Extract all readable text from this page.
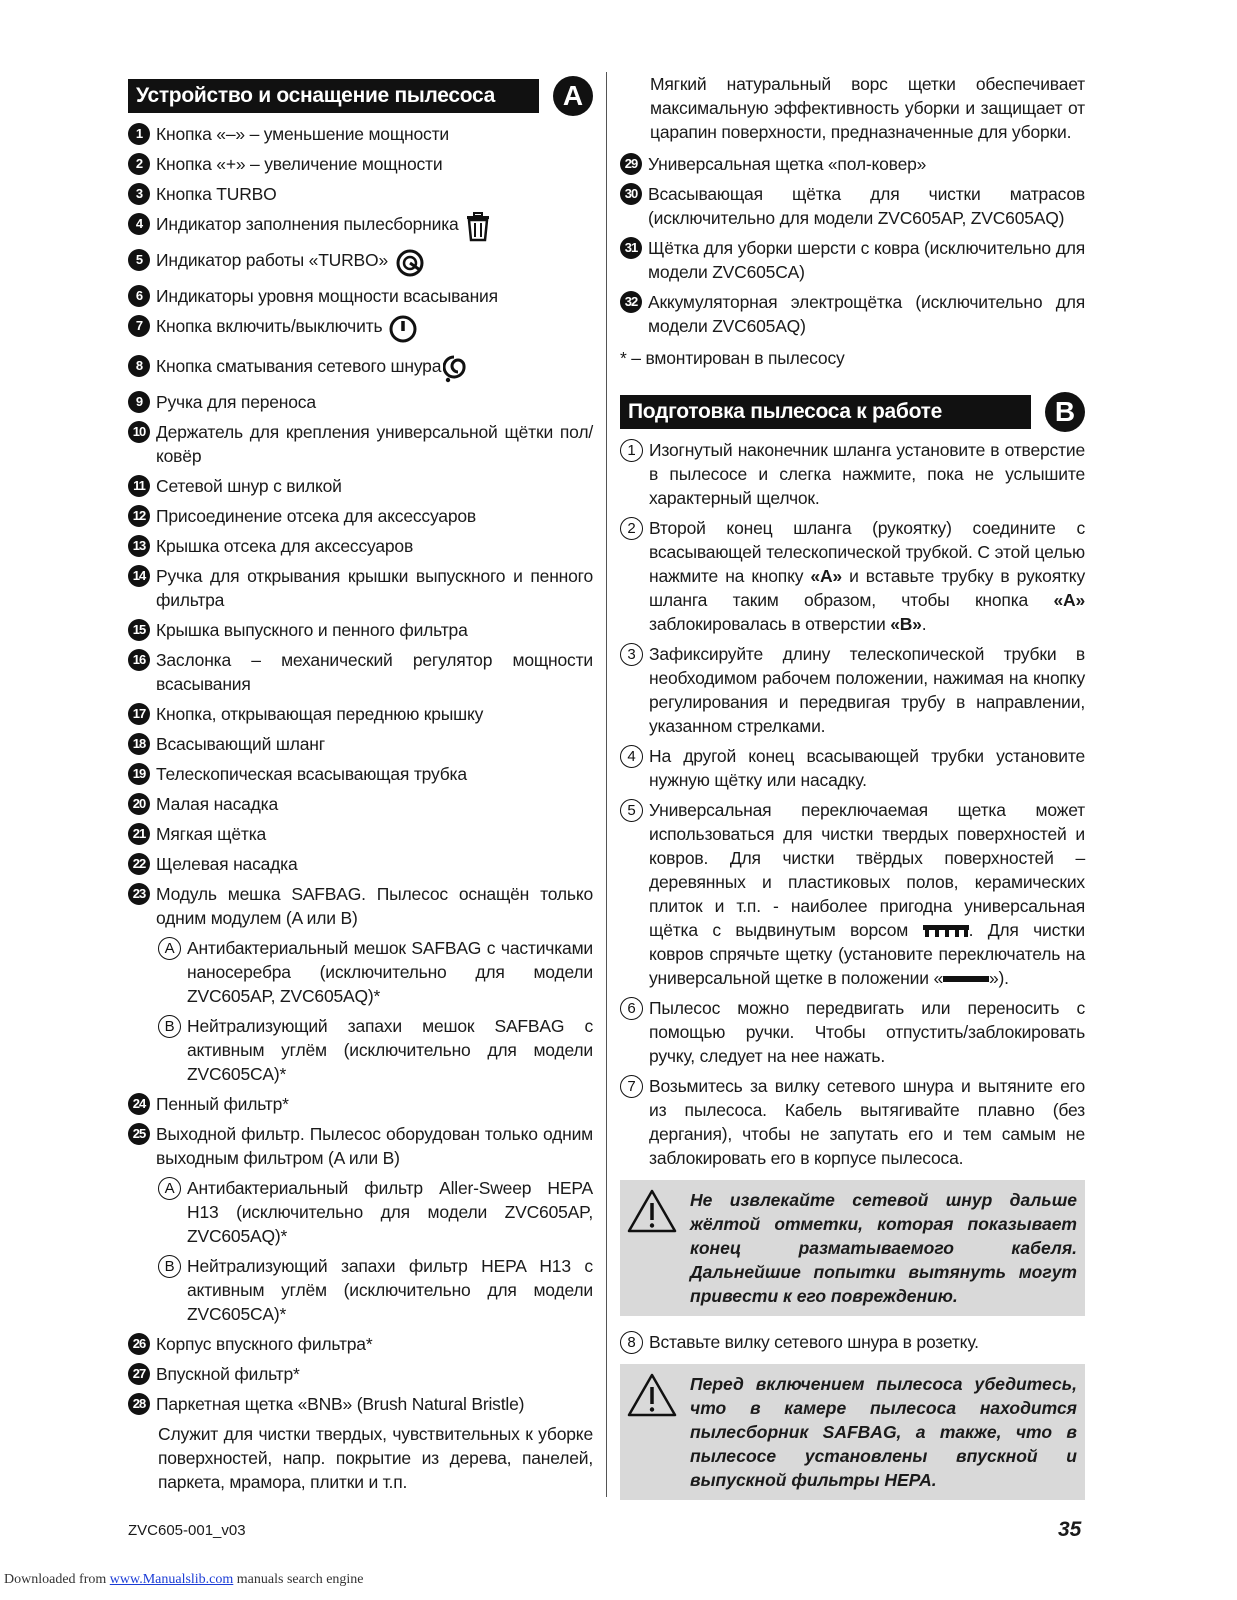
Устройство и оснащение пылесоса	A
1 Кнопка «–» – уменьшение мощности
2 Кнопка «+» – увеличение мощности
3 Кнопка TURBO
4 Индикатор заполнения пылесборника
5 Индикатор работы «TURBO»
6 Индикаторы уровня мощности всасывания
7 Кнопка включить/выключить
8 Кнопка сматывания сетевого шнура
9 Ручка для переноса
10 Держатель для крепления универсальной щётки пол/ковёр
11 Сетевой шнур с вилкой
12 Присоединение отсека для аксессуаров
13 Крышка отсека для аксессуаров
14 Ручка для открывания крышки выпускного и пенного фильтра
15 Крышка выпускного и пенного фильтра
16 Заслонка – механический регулятор мощности всасывания
17 Кнопка, открывающая переднюю крышку
18 Всасывающий шланг
19 Телескопическая всасывающая трубка
20 Малая насадка
21 Мягкая щётка
22 Щелевая насадка
23 Модуль мешка SAFBAG. Пылесос оснащён только одним модулем (A или B)
A Антибактериальный мешок SAFBAG с частичками наносеребра (исключительно для модели ZVC605AP, ZVC605AQ)*
B Нейтрализующий запахи мешок SAFBAG с активным углём (исключительно для модели ZVC605CA)*
24 Пенный фильтр*
25 Выходной фильтр. Пылесос оборудован только одним выходным фильтром (A или B)
A Антибактериальный фильтр Aller-Sweep HEPA H13 (исключительно для модели ZVC605AP, ZVC605AQ)*
B Нейтрализующий запахи фильтр HEPA H13 с активным углём (исключительно для модели ZVC605CA)*
26 Корпус впускного фильтра*
27 Впускной фильтр*
28 Паркетная щетка «BNB» (Brush Natural Bristle)
Служит для чистки твердых, чувствительных к уборке поверхностей, напр. покрытие из дерева, панелей, паркета, мрамора, плитки и т.п.
Мягкий натуральный ворс щетки обеспечивает максимальную эффективность уборки и защищает от царапин поверхности, предназначенные для уборки.
29 Универсальная щетка «пол-ковер»
30 Всасывающая щётка для чистки матрасов (исключительно для модели ZVC605AP, ZVC605AQ)
31 Щётка для уборки шерсти с ковра (исключительно для модели ZVC605CA)
32 Аккумуляторная электрощётка (исключительно для модели ZVC605AQ)
* – вмонтирован в пылесосу
Подготовка пылесоса к работе	B
1 Изогнутый наконечник шланга установите в отверстие в пылесосе и слегка нажмите, пока не услышите характерный щелчок.
2 Второй конец шланга (рукоятку) соедините с всасывающей телескопической трубкой. С этой целью нажмите на кнопку «A» и вставьте трубку в рукоятку шланга таким образом, чтобы кнопка «A» заблокировалась в отверстии «B».
3 Зафиксируйте длину телескопической трубки в необходимом рабочем положении, нажимая на кнопку регулирования и передвигая трубу в направлении, указанном стрелками.
4 На другой конец всасывающей трубки установите нужную щётку или насадку.
5 Универсальная переключаемая щетка может использоваться для чистки твердых поверхностей и ковров. Для чистки твёрдых поверхностей – деревянных и пластиковых полов, керамических плиток и т.п. - наиболее пригодна универсальная щётка с выдвинутым ворсом	. Для чистки ковров спрячьте щетку (установите переключатель на универсальной щетке в положении «	»).
6 Пылесос можно передвигать или переносить с помощью ручки. Чтобы отпустить/заблокировать ручку, следует на нее нажать.
7 Возьмитесь за вилку сетевого шнура и вытяните его из пылесоса. Кабель вытягивайте плавно (без дергания), чтобы не запутать его и тем самым не заблокировать его в корпусе пылесоса.
Не извлекайте сетевой шнур дальше жёлтой отметки, которая показывает конец разматываемого кабеля. Дальнейшие попытки вытянуть могут привести к его повреждению.
8 Вставьте вилку сетевого шнура в розетку.
Перед включением пылесоса убедитесь, что в камере пылесоса находится пылесборник SAFBAG, а также, что в пылесосе установлены впускной и выпускной фильтры HEPA.
ZVC605-001_v03	35
Downloaded from www.Manualslib.com manuals search engine
